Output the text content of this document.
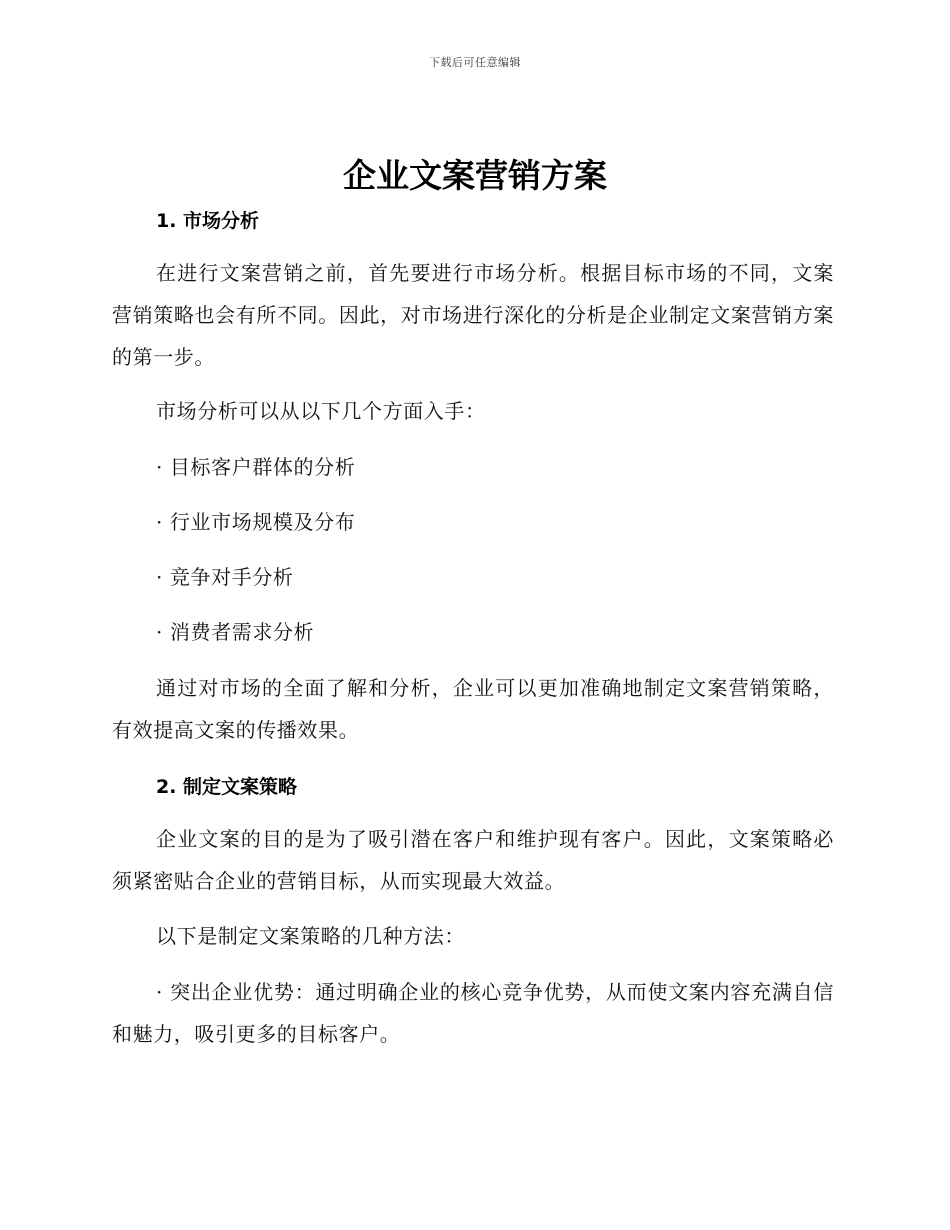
下载后可任意编辑
企业文案营销方案
1. 市场分析

在进行文案营销之前，首先要进行市场分析。根据目标市场的不同，文案营销策略也会有所不同。因此，对市场进行深化的分析是企业制定文案营销方案的第一步。

市场分析可以从以下几个方面入手：

· 目标客户群体的分析

· 行业市场规模及分布

· 竞争对手分析

· 消费者需求分析

通过对市场的全面了解和分析，企业可以更加准确地制定文案营销策略，有效提高文案的传播效果。

2. 制定文案策略

企业文案的目的是为了吸引潜在客户和维护现有客户。因此，文案策略必须紧密贴合企业的营销目标，从而实现最大效益。

以下是制定文案策略的几种方法：

· 突出企业优势：通过明确企业的核心竞争优势，从而使文案内容充满自信和魅力，吸引更多的目标客户。
